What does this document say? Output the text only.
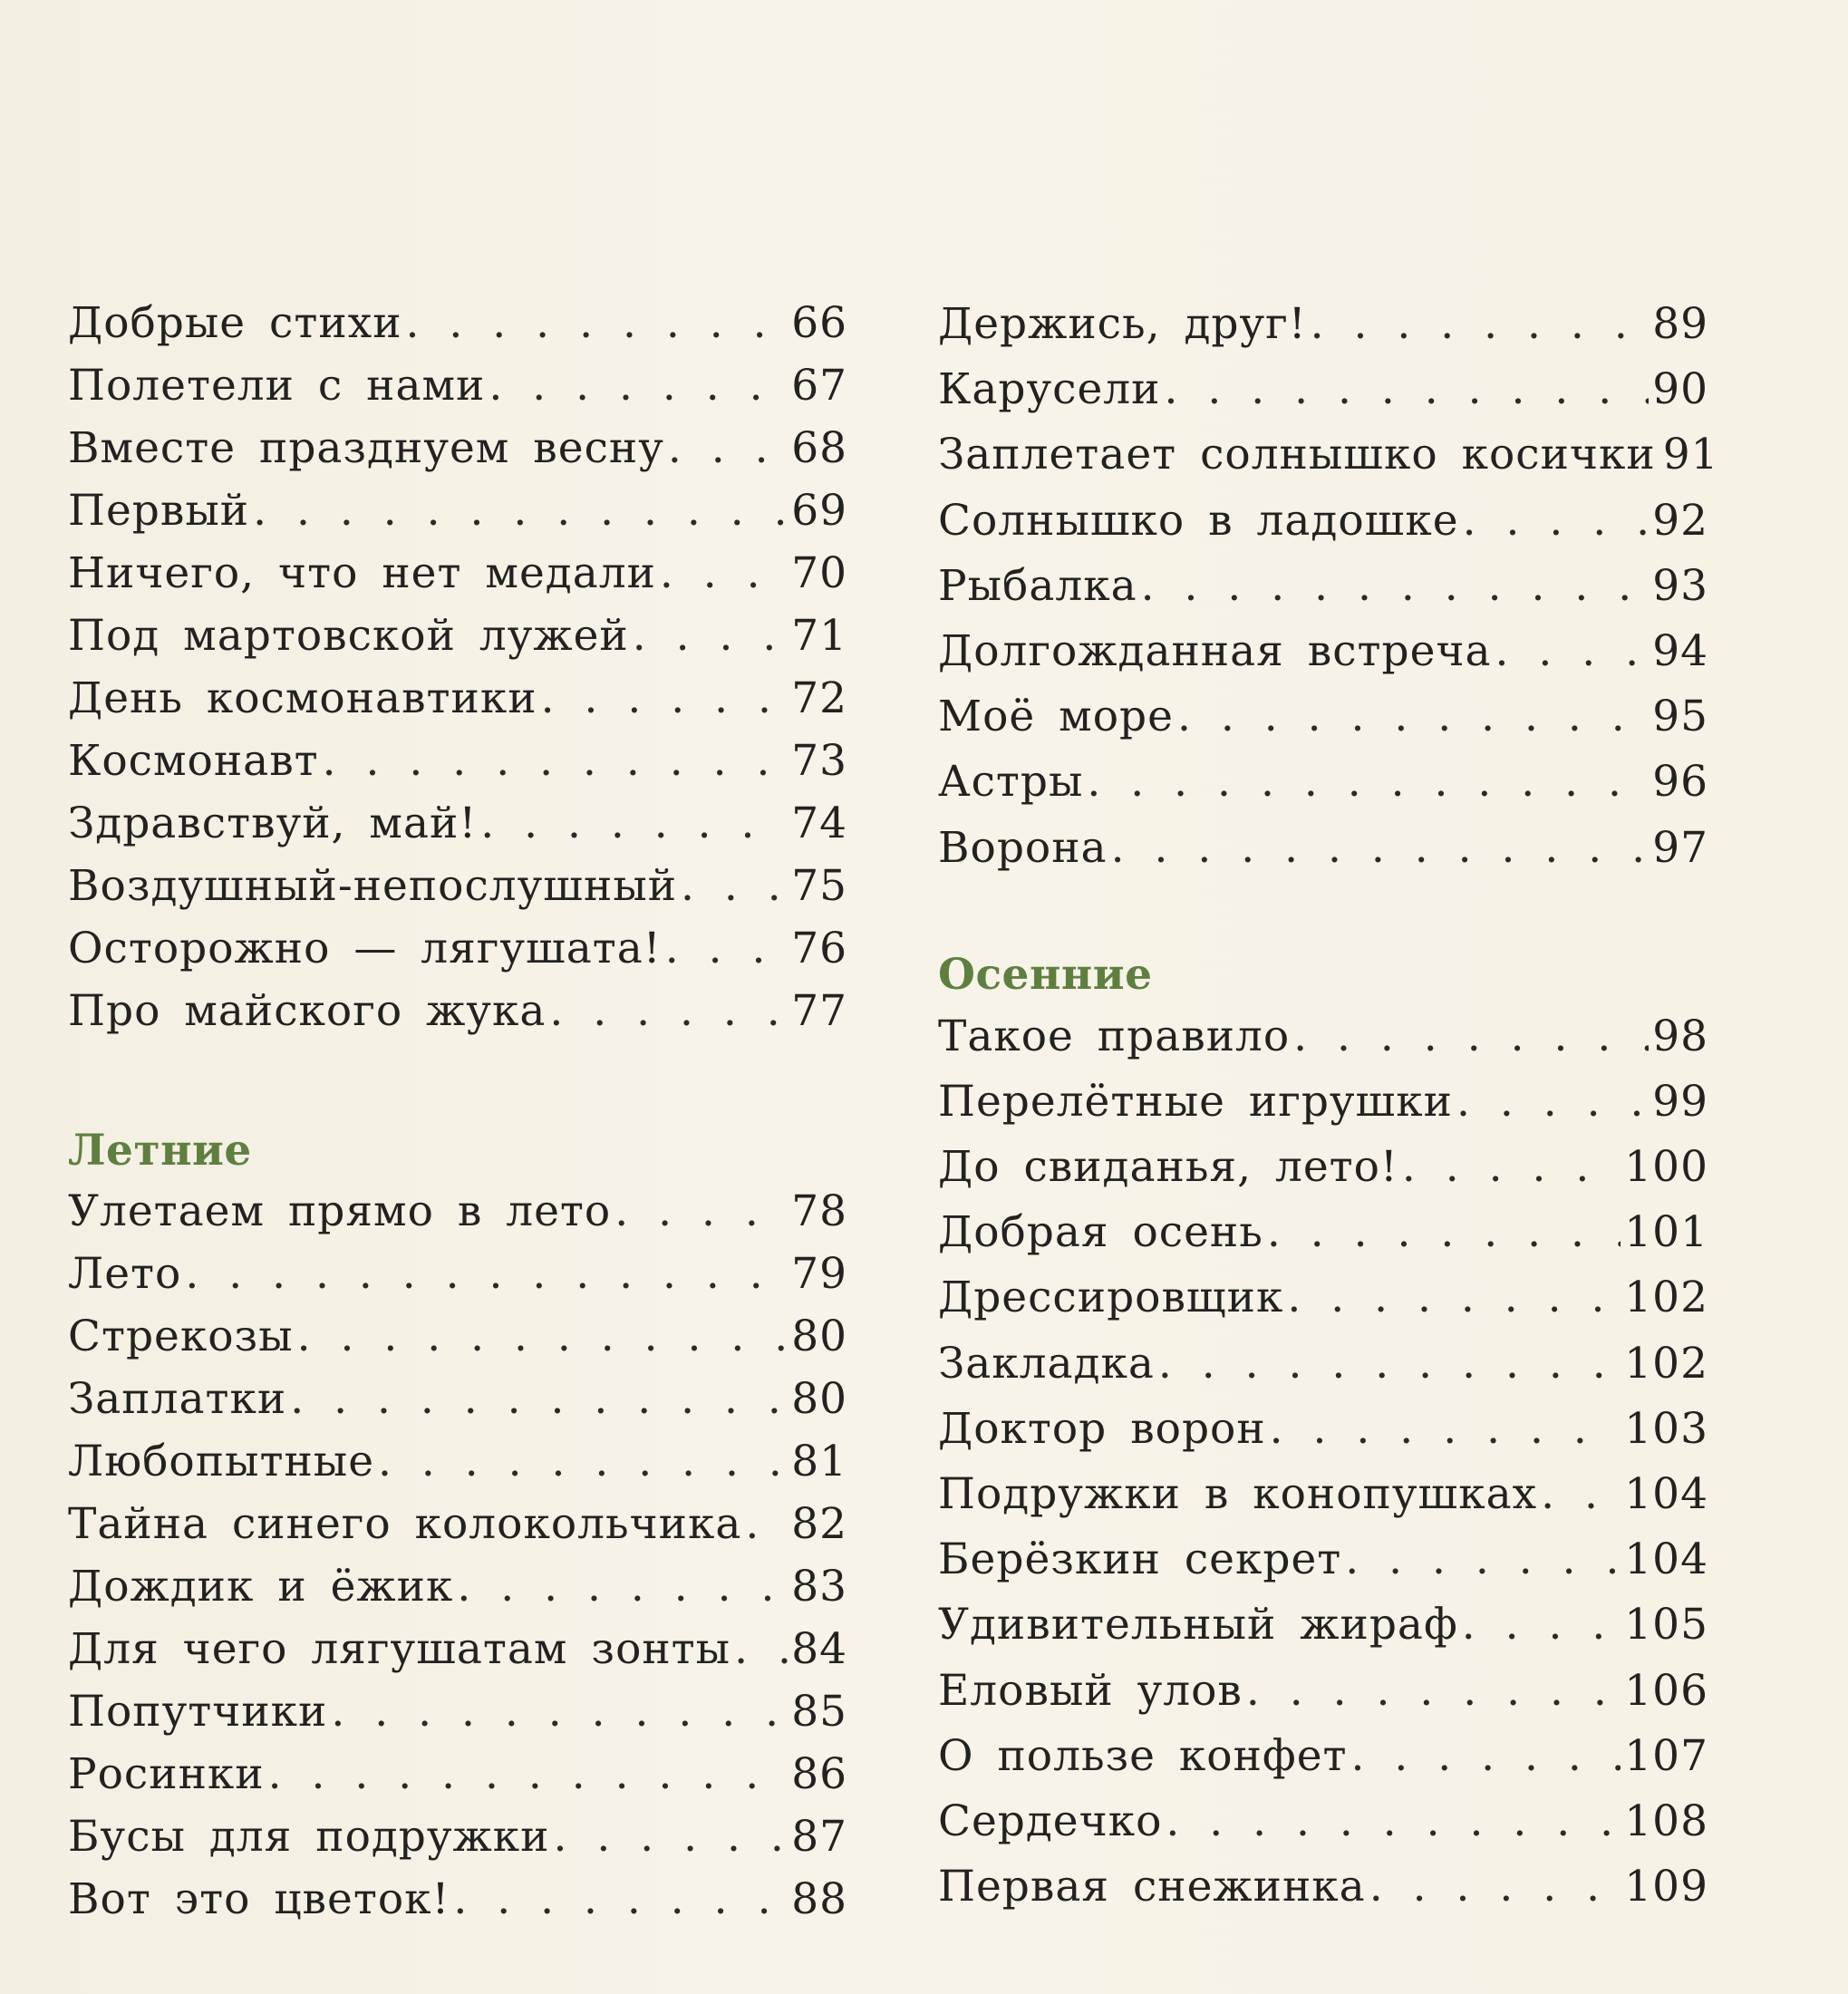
Добрые стихи . . .	66
Полетели с нами . . .	67
Вместе празднуем весну . . .	68
Первый . . .	69
Ничего, что нет медали . . .	70
Под мартовской лужей . . .	71
День космонавтики . . .	72
Космонавт . . .	73
Здравствуй, май! . . .	74
Воздушный-непослушный . . .	75
Осторожно — лягушата! . . .	76
Про майского жука . . .	77
Летние
Улетаем прямо в лето . . .	78
Лето . . .	79
Стрекозы . . .	80
Заплатки . . .	80
Любопытные . . .	81
Тайна синего колокольчика . . . 82
Дождик и ёжик . . .	83
Для чего лягушатам зонты . . . 84
Попутчики . . .	85
Росинки . . .	86
Бусы для подружки . . .	87
Вот это цветок! . . .	88
Держись, друг! . . .	89
Карусели . . .	90
Заплетает солнышко косички 91
Солнышко в ладошке . . .	92
Рыбалка . . .	93
Долгожданная встреча . . .	94
Моё море . . .	95
Астры . . .	96
Ворона . . .	97
Осенние
Такое правило . . .	98
Перелётные игрушки . . .	99
До свиданья, лето! . . .	100
Добрая осень . . .	101
Дрессировщик . . .	102
Закладка . . .	102
Доктор ворон . . .	103
Подружки в конопушках . . . 104
Берёзкин секрет . . .	104
Удивительный жираф . . .	105
Еловый улов . . .	106
О пользе конфет . . .	107
Сердечко . . .	108
Первая снежинка . . .	109
